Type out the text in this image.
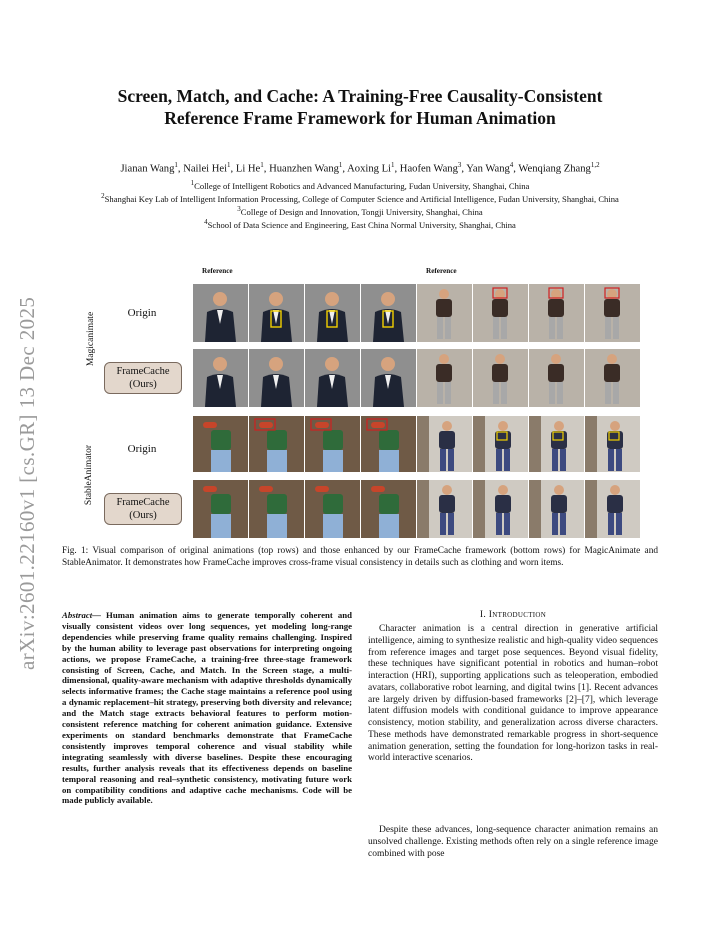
arXiv:2601.22160v1 [cs.GR] 13 Dec 2025
Screen, Match, and Cache: A Training-Free Causality-Consistent
Reference Frame Framework for Human Animation
Jianan Wang$^1$, Nailei Hei$^1$, Li He$^1$, Huanzhen Wang$^1$, Aoxing Li$^1$, Haofen Wang$^3$, Yan Wang$^4$, Wenqiang Zhang$^{1,2}$
$^1$College of Intelligent Robotics and Advanced Manufacturing, Fudan University, Shanghai, China
$^2$Shanghai Key Lab of Intelligent Information Processing, College of Computer Science and Artificial Intelligence, Fudan University, Shanghai, China
$^3$College of Design and Innovation, Tongji University, Shanghai, China
$^4$School of Data Science and Engineering, East China Normal University, Shanghai, China
Reference	Reference
Magicanimate
StableAnimator
Origin
FrameCache
(Ours)
Origin
FrameCache
(Ours)
Fig. 1: Visual comparison of original animations (top rows) and those enhanced by our FrameCache framework (bottom rows) for MagicAnimate and StableAnimator. It demonstrates how FrameCache improves cross-frame visual consistency in details such as clothing and worn items.
Abstract— Human animation aims to generate temporally coherent and visually consistent videos over long sequences, yet modeling long-range dependencies while preserving frame quality remains challenging. Inspired by the human ability to leverage past observations for interpreting ongoing actions, we propose FrameCache, a training-free three-stage framework consisting of Screen, Cache, and Match. In the Screen stage, a multi-dimensional, quality-aware mechanism with adaptive thresholds dynamically selects informative frames; the Cache stage maintains a reference pool using a dynamic replacement–hit strategy, preserving both diversity and relevance; and the Match stage extracts behavioral features to perform motion-consistent reference matching for coherent animation guidance. Extensive experiments on standard benchmarks demonstrate that FrameCache consistently improves temporal coherence and visual stability while integrating seamlessly with diverse baselines. Despite these encouraging results, further analysis reveals that its effectiveness depends on baseline temporal reasoning and real–synthetic consistency, motivating future work on compatibility conditions and adaptive cache mechanisms. Code will be made publicly available.
I. Introduction
Character animation is a central direction in generative artificial intelligence, aiming to synthesize realistic and high-quality video sequences from reference images and target pose sequences. Beyond visual fidelity, these techniques have significant potential in robotics and human–robot interaction (HRI), supporting applications such as teleoperation, embodied avatars, collaborative robot learning, and digital twins [1]. Recent advances are largely driven by diffusion-based frameworks [2]–[7], which leverage latent diffusion models with conditional guidance to improve appearance consistency, motion stability, and generalization across diverse characters. These methods have demonstrated remarkable progress in short-sequence animation generation, setting the foundation for long-horizon tasks in real-world interactive scenarios.
Despite these advances, long-sequence character animation remains an unsolved challenge. Existing methods often rely on a single reference image combined with pose
